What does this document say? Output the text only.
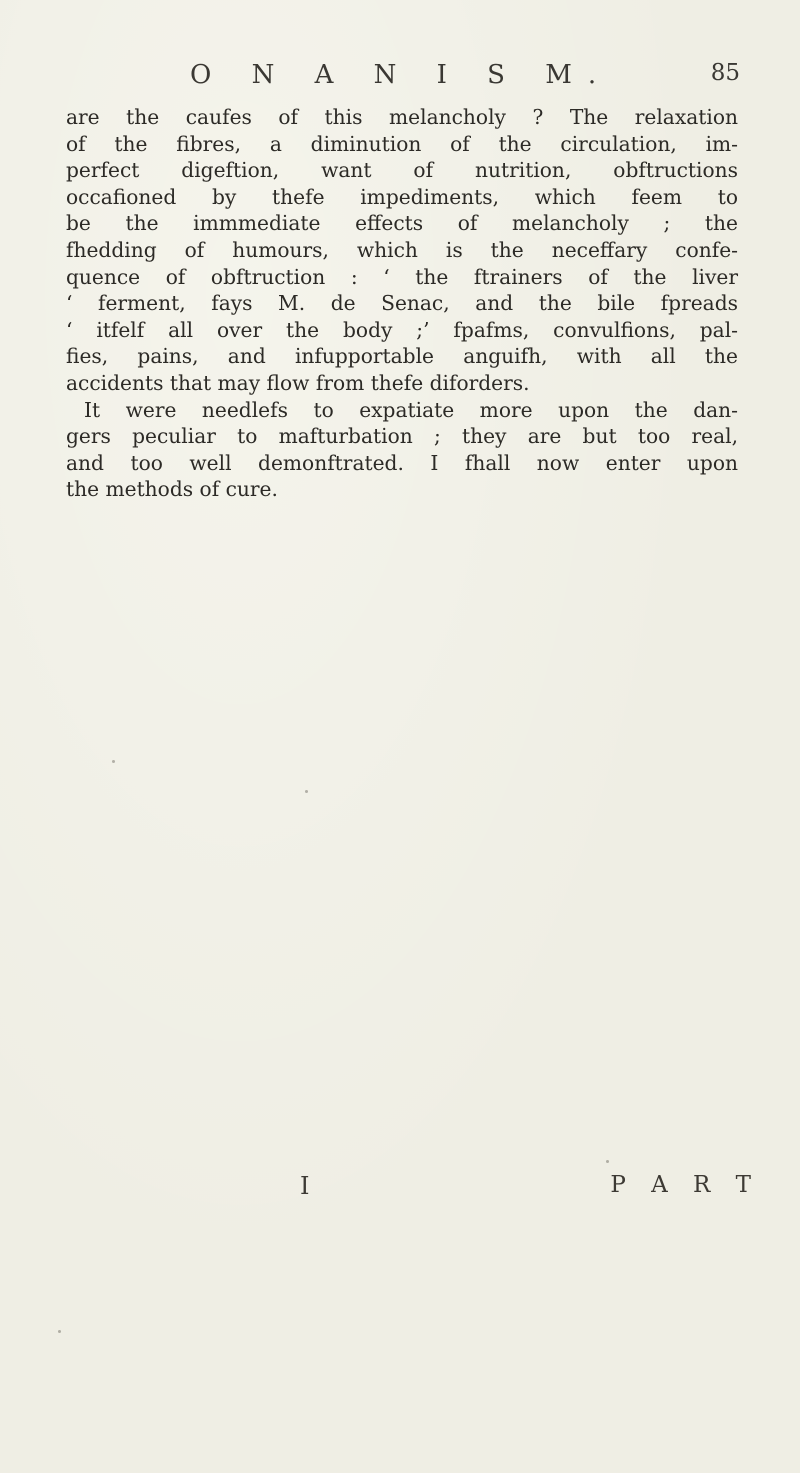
O N A N I S M.	85
are the caufes of this melancholy ? The relaxation
of the fibres, a diminution of the circulation, im-
perfect digeftion, want of nutrition, obftructions
occafioned by thefe impediments, which feem to
be the immmediate effects of melancholy ; the
fhedding of humours, which is the neceffary confe-
quence of obftruction : ‘ the ftrainers of the liver
‘ ferment, fays M. de Senac, and the bile fpreads
‘ itfelf all over the body ;’ fpafms, convulfions, pal-
fies, pains, and infupportable anguifh, with all the
accidents that may flow from thefe diforders.
It were needlefs to expatiate more upon the dan-
gers peculiar to mafturbation ; they are but too real,
and too well demonftrated. I fhall now enter upon
the methods of cure.
I	P A R T
